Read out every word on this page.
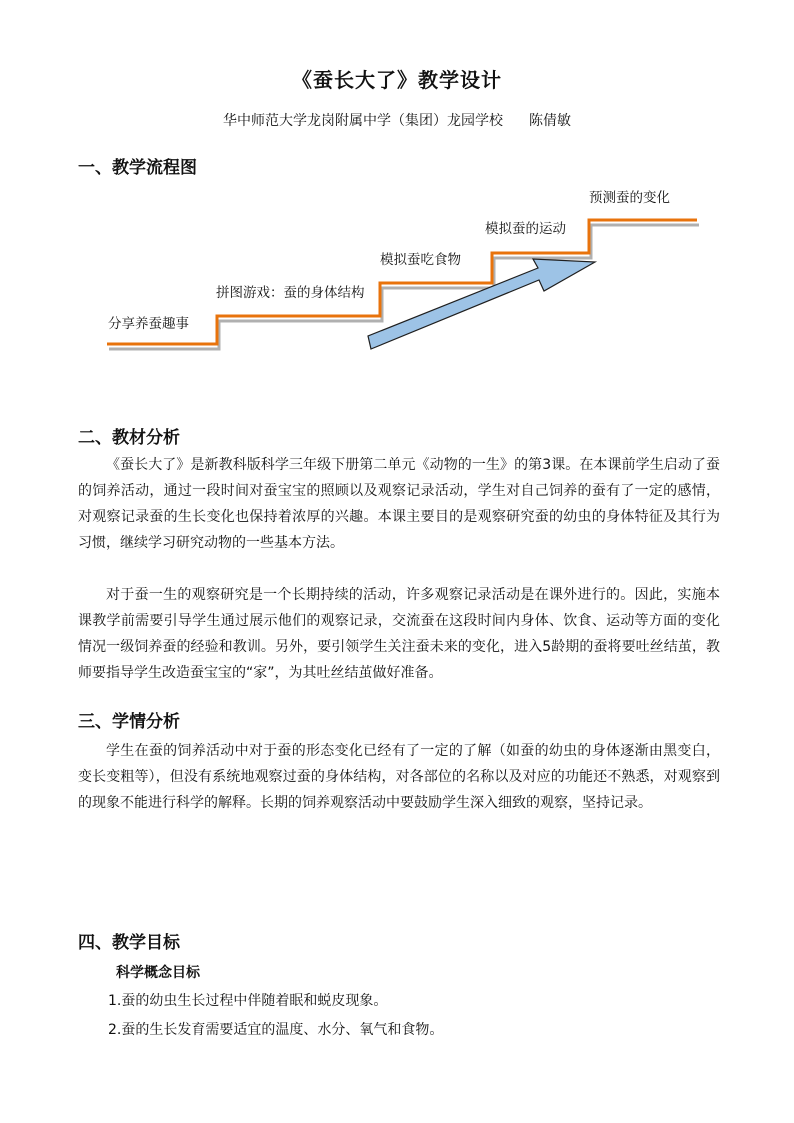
《蚕长大了》教学设计
华中师范大学龙岗附属中学（集团）龙园学校 陈倩敏
一、教学流程图
分享养蚕趣事
拼图游戏：蚕的身体结构
模拟蚕吃食物
模拟蚕的运动
预测蚕的变化
二、教材分析
《蚕长大了》是新教科版科学三年级下册第二单元《动物的一生》的第3课。在本课前学生启动了蚕的饲养活动，通过一段时间对蚕宝宝的照顾以及观察记录活动，学生对自己饲养的蚕有了一定的感情，对观察记录蚕的生长变化也保持着浓厚的兴趣。本课主要目的是观察研究蚕的幼虫的身体特征及其行为习惯，继续学习研究动物的一些基本方法。
对于蚕一生的观察研究是一个长期持续的活动，许多观察记录活动是在课外进行的。因此，实施本课教学前需要引导学生通过展示他们的观察记录，交流蚕在这段时间内身体、饮食、运动等方面的变化情况一级饲养蚕的经验和教训。另外，要引领学生关注蚕未来的变化，进入5龄期的蚕将要吐丝结茧，教师要指导学生改造蚕宝宝的“家”，为其吐丝结茧做好准备。
三、学情分析
学生在蚕的饲养活动中对于蚕的形态变化已经有了一定的了解（如蚕的幼虫的身体逐渐由黑变白，变长变粗等），但没有系统地观察过蚕的身体结构，对各部位的名称以及对应的功能还不熟悉，对观察到的现象不能进行科学的解释。长期的饲养观察活动中要鼓励学生深入细致的观察，坚持记录。
四、教学目标
科学概念目标
1.蚕的幼虫生长过程中伴随着眠和蜕皮现象。
2.蚕的生长发育需要适宜的温度、水分、氧气和食物。
